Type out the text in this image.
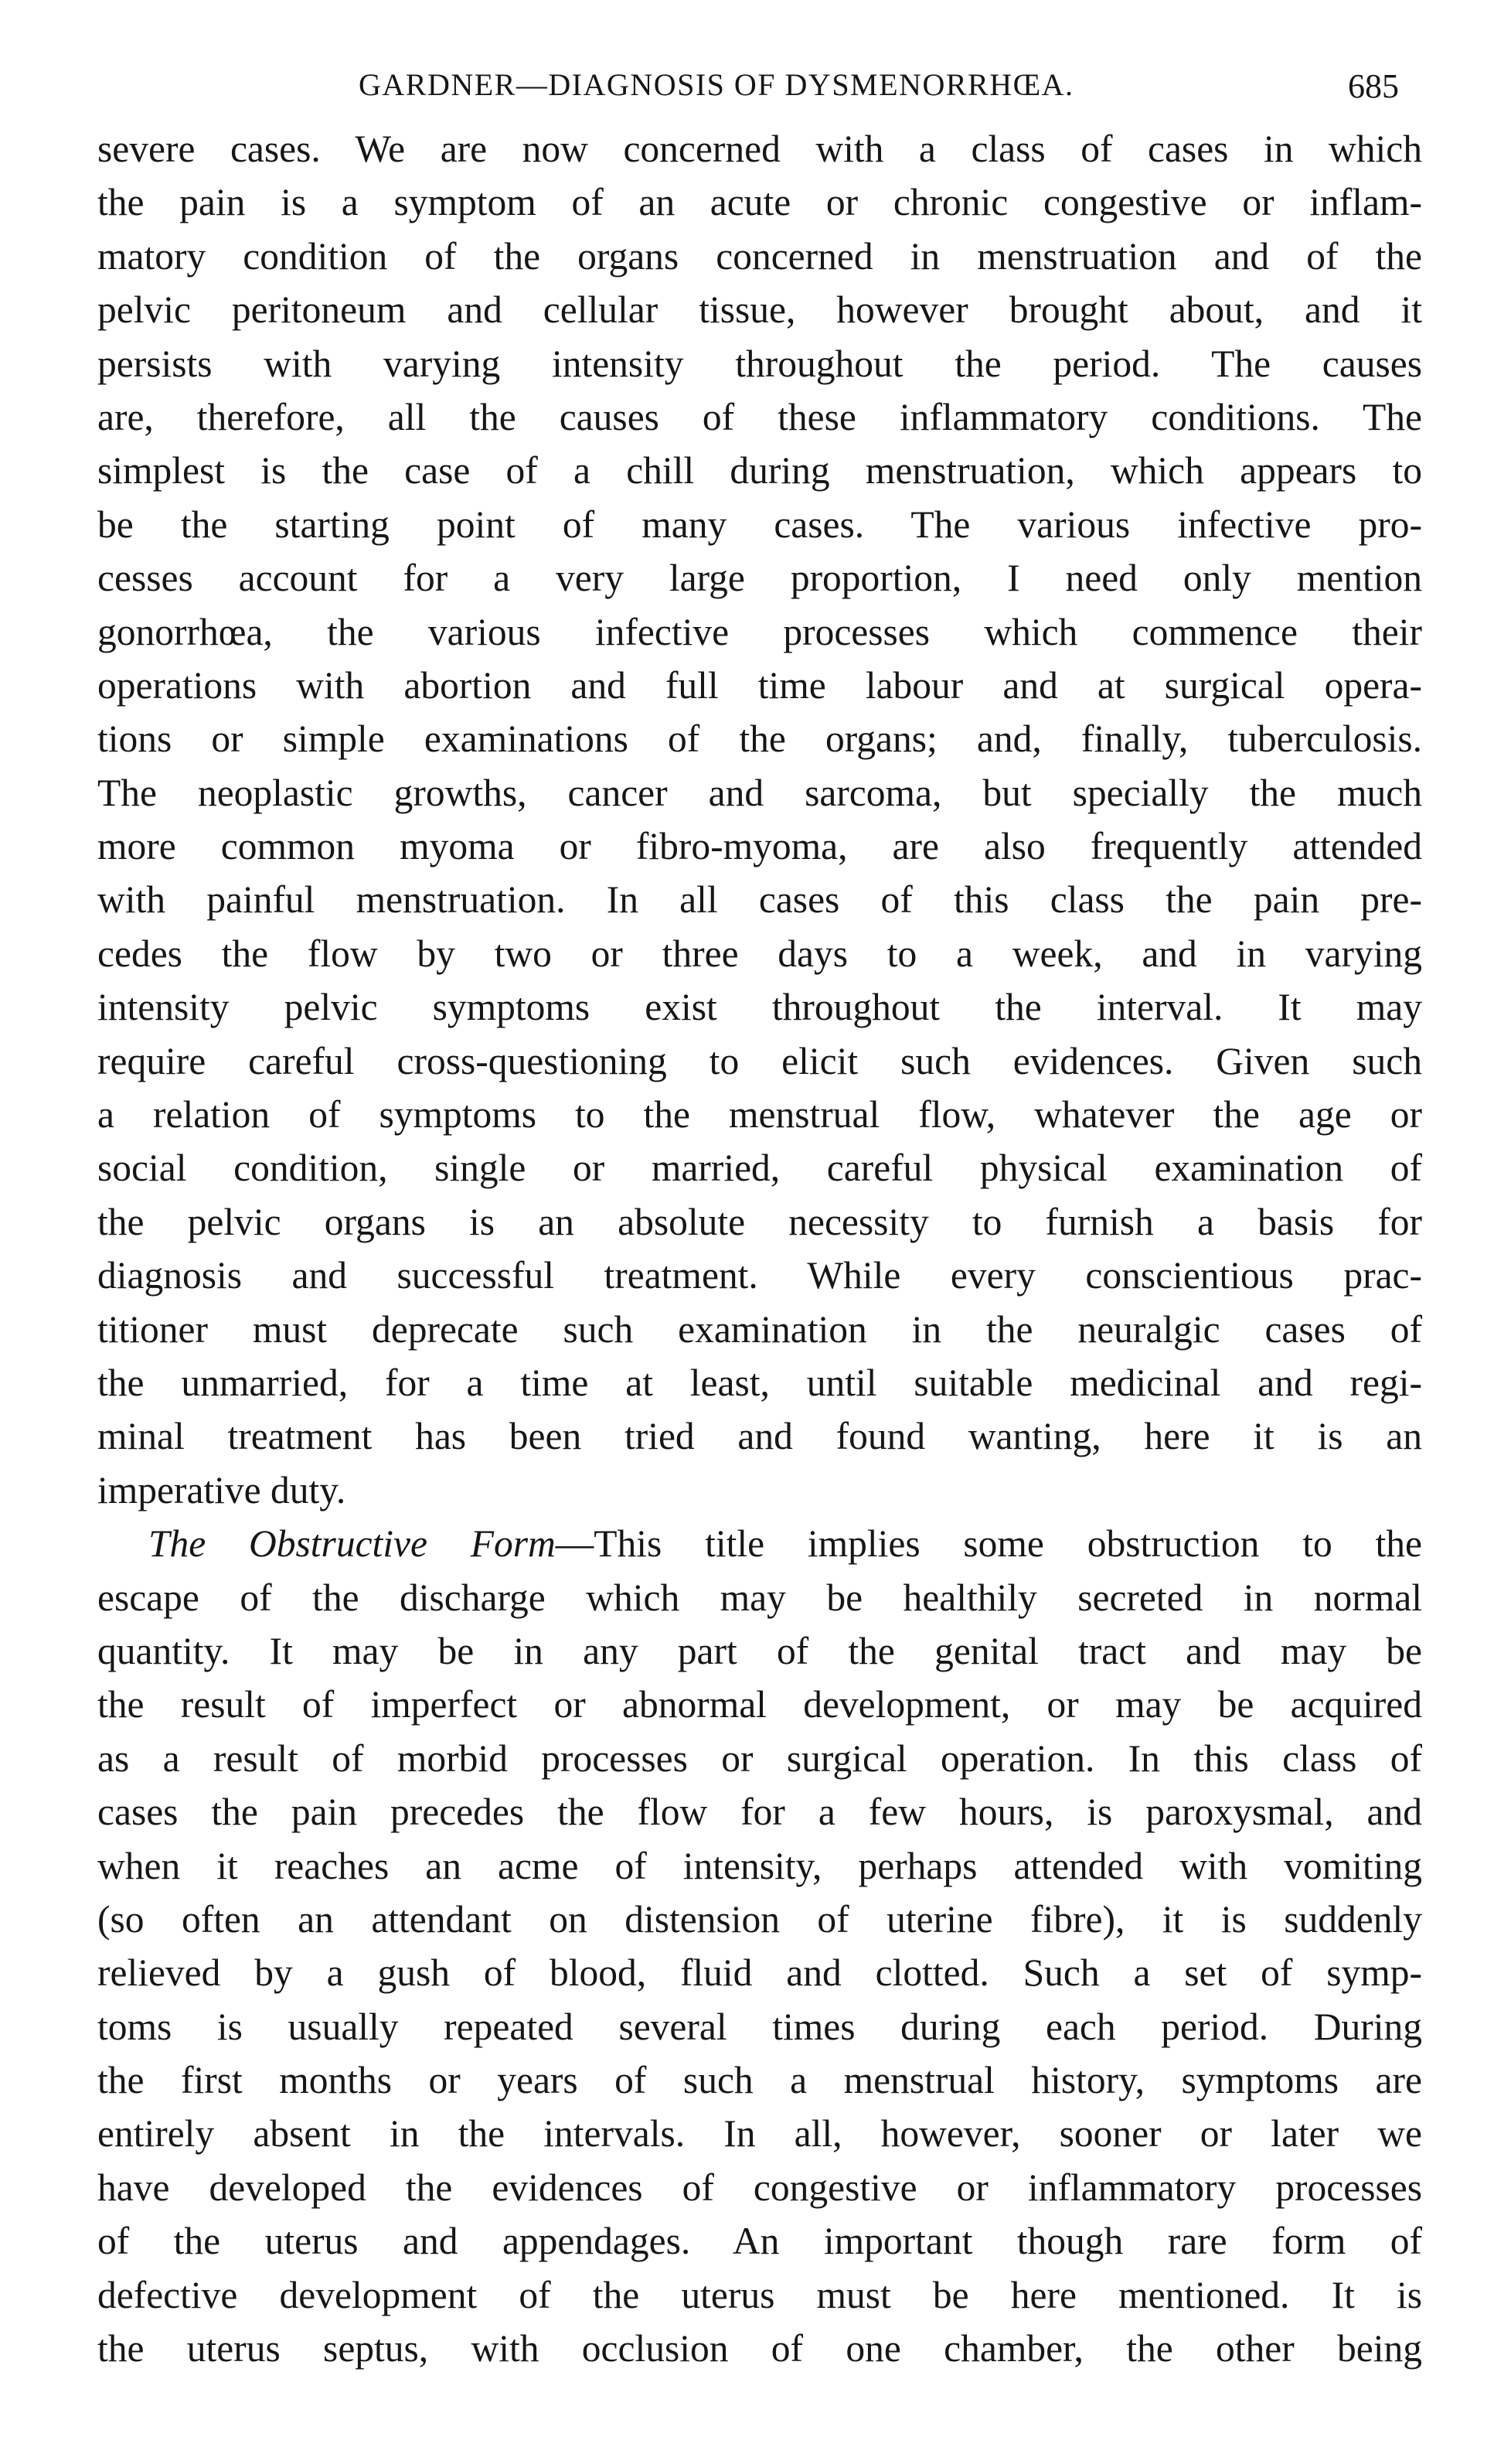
GARDNER—DIAGNOSIS OF DYSMENORRHŒA.	685
severe cases. We are now concerned with a class of cases in which
the pain is a symptom of an acute or chronic congestive or inflam-
matory condition of the organs concerned in menstruation and of the
pelvic peritoneum and cellular tissue, however brought about, and it
persists with varying intensity throughout the period. The causes
are, therefore, all the causes of these inflammatory conditions. The
simplest is the case of a chill during menstruation, which appears to
be the starting point of many cases. The various infective pro-
cesses account for a very large proportion, I need only mention
gonorrhœa, the various infective processes which commence their
operations with abortion and full time labour and at surgical opera-
tions or simple examinations of the organs; and, finally, tuberculosis.
The neoplastic growths, cancer and sarcoma, but specially the much
more common myoma or fibro-myoma, are also frequently attended
with painful menstruation. In all cases of this class the pain pre-
cedes the flow by two or three days to a week, and in varying
intensity pelvic symptoms exist throughout the interval. It may
require careful cross-questioning to elicit such evidences. Given such
a relation of symptoms to the menstrual flow, whatever the age or
social condition, single or married, careful physical examination of
the pelvic organs is an absolute necessity to furnish a basis for
diagnosis and successful treatment. While every conscientious prac-
titioner must deprecate such examination in the neuralgic cases of
the unmarried, for a time at least, until suitable medicinal and regi-
minal treatment has been tried and found wanting, here it is an
imperative duty.
The Obstructive Form—This title implies some obstruction to the
escape of the discharge which may be healthily secreted in normal
quantity. It may be in any part of the genital tract and may be
the result of imperfect or abnormal development, or may be acquired
as a result of morbid processes or surgical operation. In this class of
cases the pain precedes the flow for a few hours, is paroxysmal, and
when it reaches an acme of intensity, perhaps attended with vomiting
(so often an attendant on distension of uterine fibre), it is suddenly
relieved by a gush of blood, fluid and clotted. Such a set of symp-
toms is usually repeated several times during each period. During
the first months or years of such a menstrual history, symptoms are
entirely absent in the intervals. In all, however, sooner or later we
have developed the evidences of congestive or inflammatory processes
of the uterus and appendages. An important though rare form of
defective development of the uterus must be here mentioned. It is
the uterus septus, with occlusion of one chamber, the other being
